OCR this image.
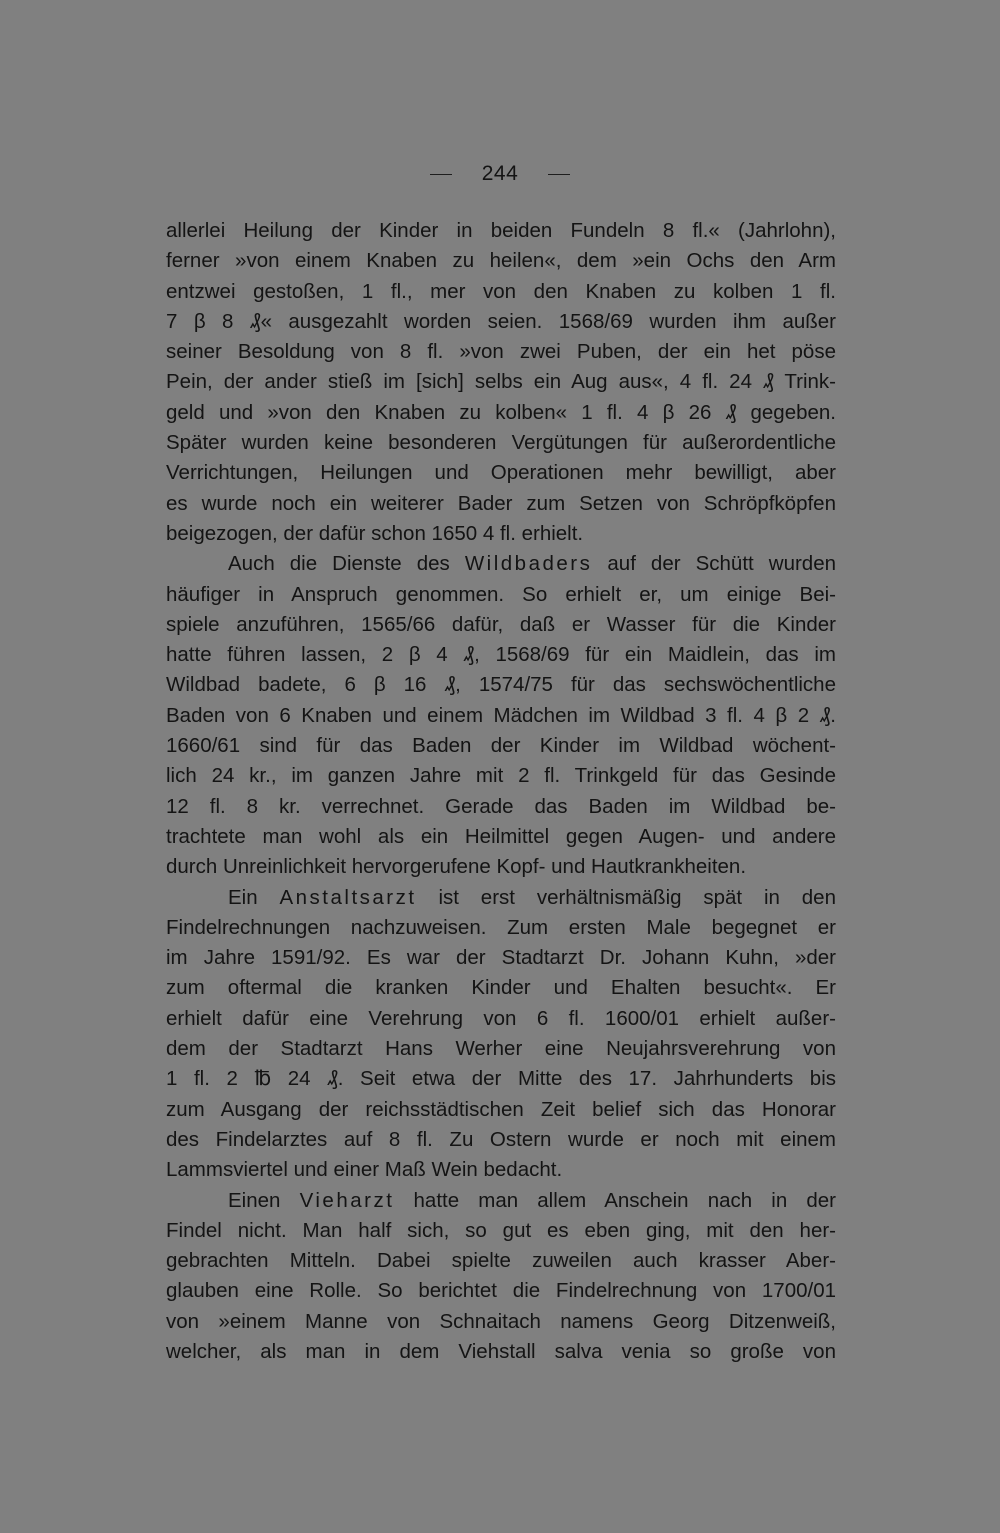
244
allerlei Heilung der Kinder in beiden Fundeln 8 fl.« (Jahrlohn),
ferner »von einem Knaben zu heilen«, dem »ein Ochs den Arm
entzwei gestoßen, 1 fl., mer von den Knaben zu kolben 1 fl.
7 β 8 ₰« ausgezahlt worden seien. 1568/69 wurden ihm außer
seiner Besoldung von 8 fl. »von zwei Puben, der ein het pöse
Pein, der ander stieß im [sich] selbs ein Aug aus«, 4 fl. 24 ₰ Trink-
geld und »von den Knaben zu kolben« 1 fl. 4 β 26 ₰ gegeben.
Später wurden keine besonderen Vergütungen für außerordentliche
Verrichtungen, Heilungen und Operationen mehr bewilligt, aber
es wurde noch ein weiterer Bader zum Setzen von Schröpfköpfen
beigezogen, der dafür schon 1650 4 fl. erhielt.
Auch die Dienste des Wildbaders auf der Schütt wurden
häufiger in Anspruch genommen. So erhielt er, um einige Bei-
spiele anzuführen, 1565/66 dafür, daß er Wasser für die Kinder
hatte führen lassen, 2 β 4 ₰, 1568/69 für ein Maidlein, das im
Wildbad badete, 6 β 16 ₰, 1574/75 für das sechswöchentliche
Baden von 6 Knaben und einem Mädchen im Wildbad 3 fl. 4 β 2 ₰.
1660/61 sind für das Baden der Kinder im Wildbad wöchent-
lich 24 kr., im ganzen Jahre mit 2 fl. Trinkgeld für das Gesinde
12 fl. 8 kr. verrechnet. Gerade das Baden im Wildbad be-
trachtete man wohl als ein Heilmittel gegen Augen- und andere
durch Unreinlichkeit hervorgerufene Kopf- und Hautkrankheiten.
Ein Anstaltsarzt ist erst verhältnismäßig spät in den
Findelrechnungen nachzuweisen. Zum ersten Male begegnet er
im Jahre 1591/92. Es war der Stadtarzt Dr. Johann Kuhn, »der
zum oftermal die kranken Kinder und Ehalten besucht«. Er
erhielt dafür eine Verehrung von 6 fl. 1600/01 erhielt außer-
dem der Stadtarzt Hans Werher eine Neujahrsverehrung von
1 fl. 2 ℔ 24 ₰. Seit etwa der Mitte des 17. Jahrhunderts bis
zum Ausgang der reichsstädtischen Zeit belief sich das Honorar
des Findelarztes auf 8 fl. Zu Ostern wurde er noch mit einem
Lammsviertel und einer Maß Wein bedacht.
Einen Vieharzt hatte man allem Anschein nach in der
Findel nicht. Man half sich, so gut es eben ging, mit den her-
gebrachten Mitteln. Dabei spielte zuweilen auch krasser Aber-
glauben eine Rolle. So berichtet die Findelrechnung von 1700/01
von »einem Manne von Schnaitach namens Georg Ditzenweiß,
welcher, als man in dem Viehstall salva venia so große von
